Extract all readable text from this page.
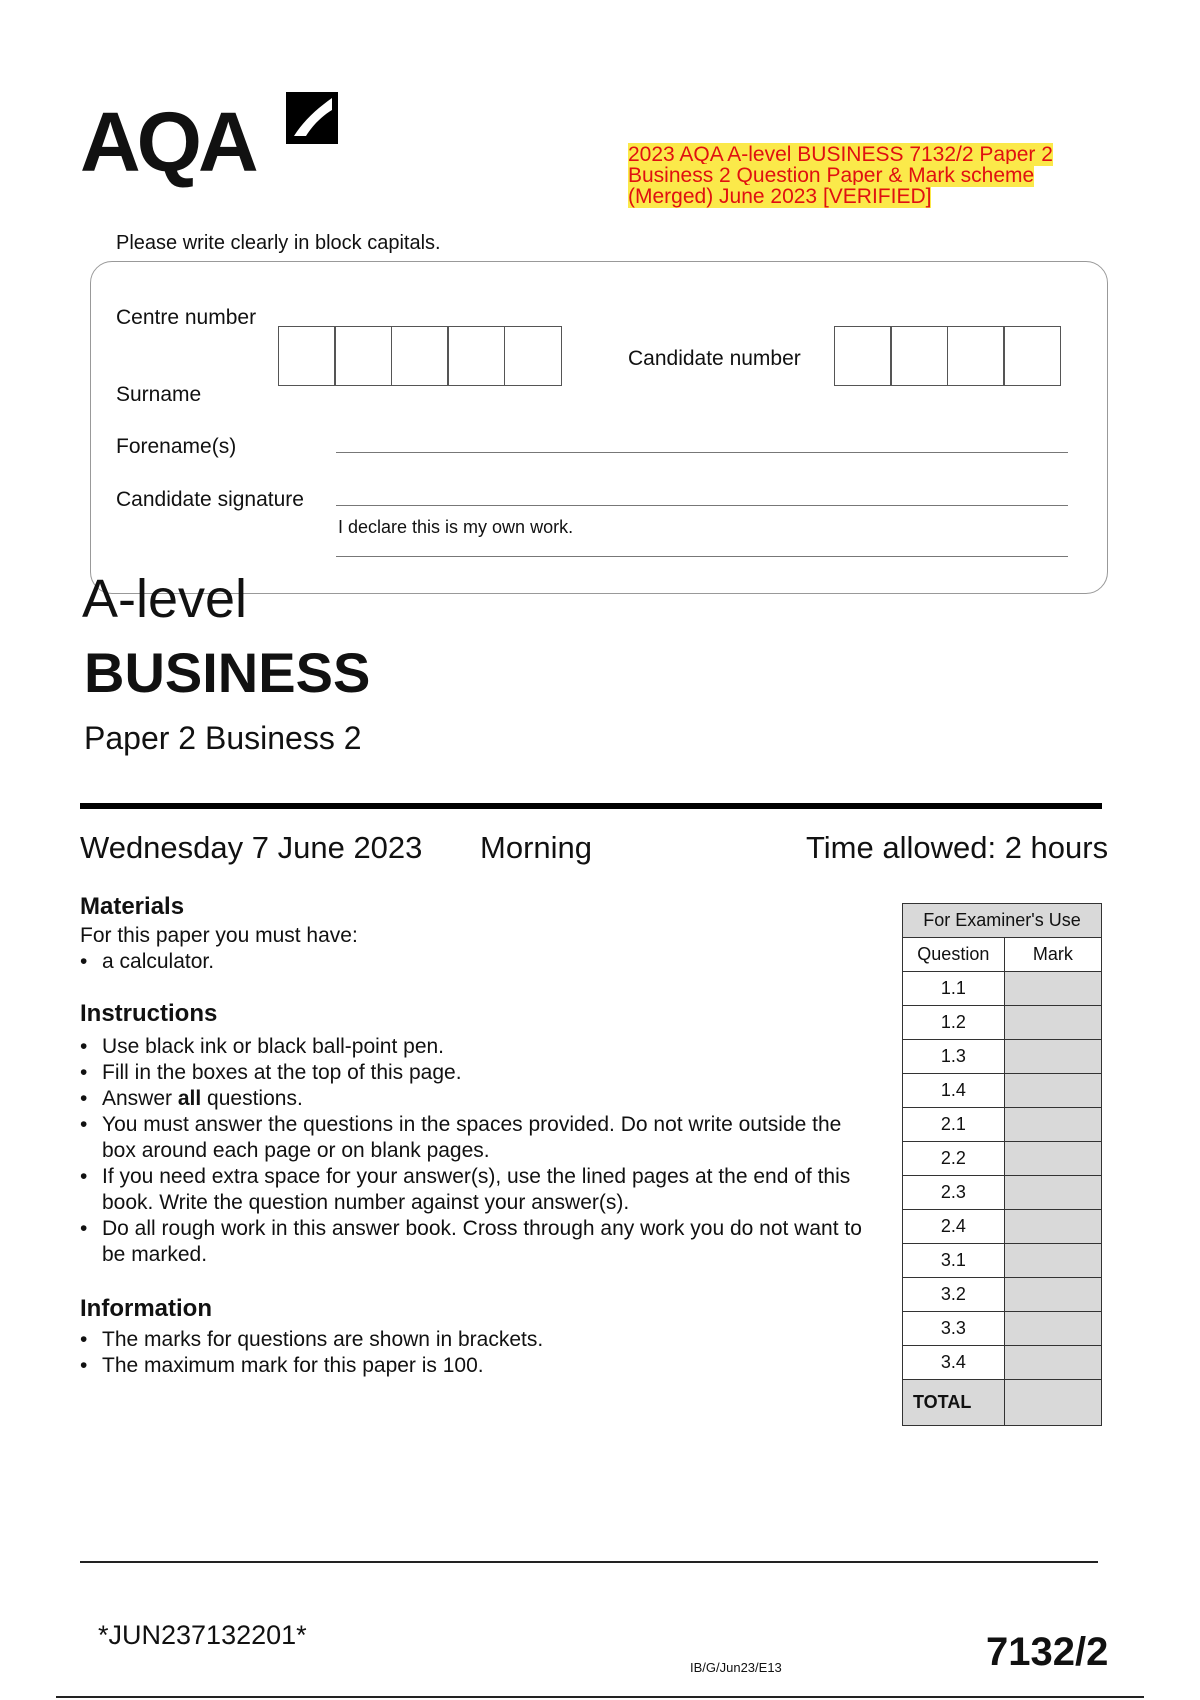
AQA	2023 AQA A-level BUSINESS 7132/2 Paper 2 Business 2 Question Paper & Mark scheme (Merged) June 2023 [VERIFIED]
Please write clearly in block capitals.
Centre number
Candidate number
Surname
Forename(s)
Candidate signature
I declare this is my own work.
A-level
BUSINESS
Paper 2 Business 2
Wednesday 7 June 2023 Morning	Time allowed: 2 hours
Materials
For this paper you must have:
• a calculator.
Instructions
• Use black ink or black ball-point pen.
• Fill in the boxes at the top of this page.
• Answer all questions.
• You must answer the questions in the spaces provided. Do not write outside the box around each page or on blank pages.
• If you need extra space for your answer(s), use the lined pages at the end of this book. Write the question number against your answer(s).
• Do all rough work in this answer book. Cross through any work you do not want to be marked.
Information
• The marks for questions are shown in brackets.
• The maximum mark for this paper is 100.
For Examiner's Use	
Question	Mark
1.1	
1.2	
1.3	
1.4	
2.1	
2.2	
2.3	
2.4	
3.1	
3.2	
3.3	
3.4	
TOTAL	
*JUN237132201*
IB/G/Jun23/E13	7132/2
